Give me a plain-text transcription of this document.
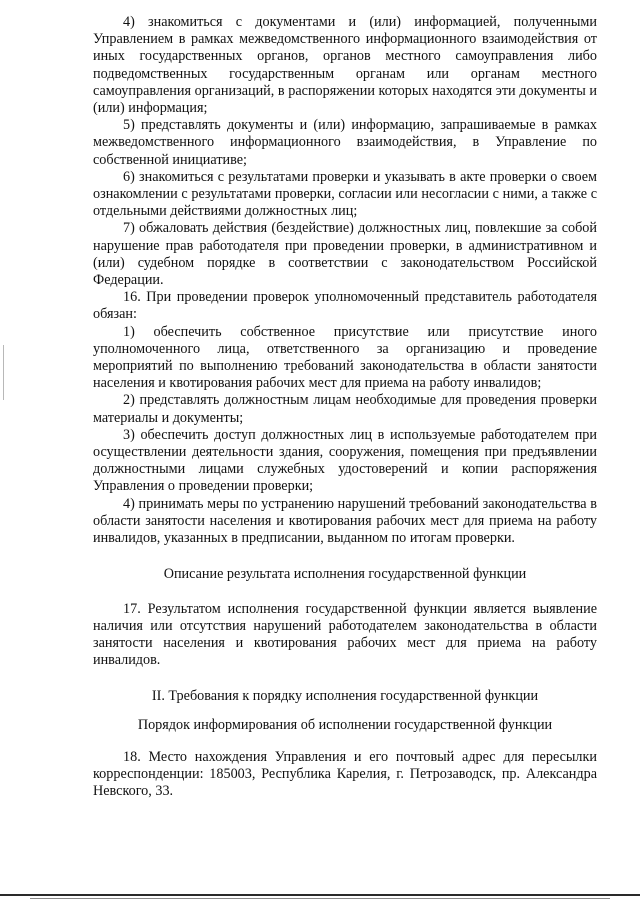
4) знакомиться с документами и (или) информацией, полученными Управлением в рамках межведомственного информационного взаимодействия от иных государственных органов, органов местного самоуправления либо подведомственных государственным органам или органам местного самоуправления организаций, в распоряжении которых находятся эти документы и (или) информация;

5) представлять документы и (или) информацию, запрашиваемые в рамках межведомственного информационного взаимодействия, в Управление по собственной инициативе;

6) знакомиться с результатами проверки и указывать в акте проверки о своем ознакомлении с результатами проверки, согласии или несогласии с ними, а также с отдельными действиями должностных лиц;

7) обжаловать действия (бездействие) должностных лиц, повлекшие за собой нарушение прав работодателя при проведении проверки, в административном и (или) судебном порядке в соответствии с законодательством Российской Федерации.

16. При проведении проверок уполномоченный представитель работодателя обязан:

1) обеспечить собственное присутствие или присутствие иного уполномоченного лица, ответственного за организацию и проведение мероприятий по выполнению требований законодательства в области занятости населения и квотирования рабочих мест для приема на работу инвалидов;

2) представлять должностным лицам необходимые для проведения проверки материалы и документы;

3) обеспечить доступ должностных лиц в используемые работодателем при осуществлении деятельности здания, сооружения, помещения при предъявлении должностными лицами служебных удостоверений и копии распоряжения Управления о проведении проверки;

4) принимать меры по устранению нарушений требований законодательства в области занятости населения и квотирования рабочих мест для приема на работу инвалидов, указанных в предписании, выданном по итогам проверки.

Описание результата исполнения государственной функции

17. Результатом исполнения государственной функции является выявление наличия или отсутствия нарушений работодателем законодательства в области занятости населения и квотирования рабочих мест для приема на работу инвалидов.

II. Требования к порядку исполнения государственной функции

Порядок информирования об исполнении государственной функции

18. Место нахождения Управления и его почтовый адрес для пересылки корреспонденции: 185003, Республика Карелия, г. Петрозаводск, пр. Александра Невского, 33.
